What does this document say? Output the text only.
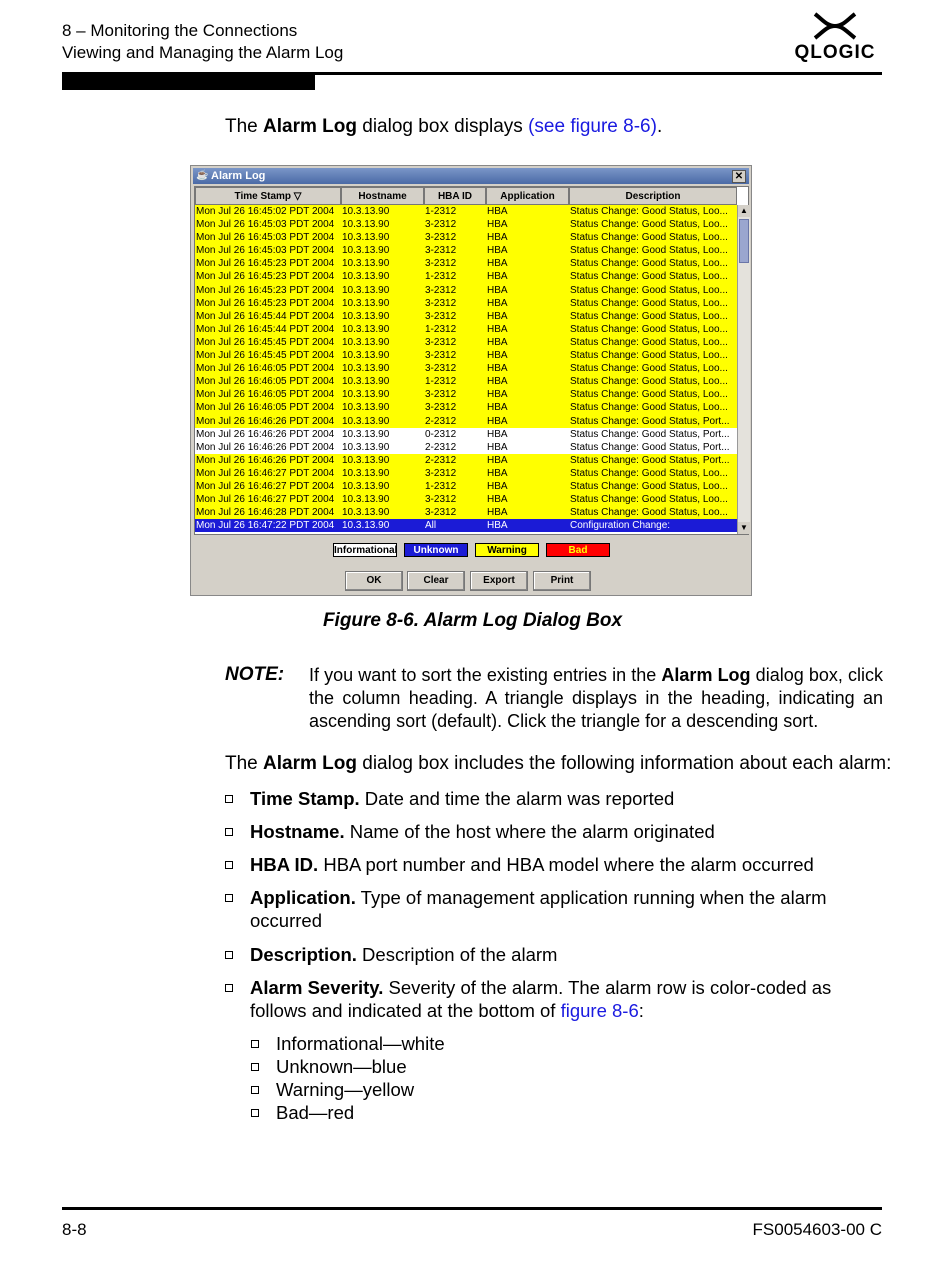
8 – Monitoring the Connections
Viewing and Managing the Alarm Log	QLOGIC
The Alarm Log dialog box displays (see figure 8-6).
☕ Alarm Log	✕
Time Stamp ▽	Hostname	HBA ID	Application	Description
Mon Jul 26 16:45:02 PDT 2004 10.3.13.90	1-2312	HBA	Status Change: Good Status, Loo...
Mon Jul 26 16:45:03 PDT 2004 10.3.13.90	3-2312	HBA	Status Change: Good Status, Loo...
Mon Jul 26 16:45:03 PDT 2004 10.3.13.90	3-2312	HBA	Status Change: Good Status, Loo...
Mon Jul 26 16:45:03 PDT 2004 10.3.13.90	3-2312	HBA	Status Change: Good Status, Loo...
Mon Jul 26 16:45:23 PDT 2004 10.3.13.90	3-2312	HBA	Status Change: Good Status, Loo...
Mon Jul 26 16:45:23 PDT 2004 10.3.13.90	1-2312	HBA	Status Change: Good Status, Loo...
Mon Jul 26 16:45:23 PDT 2004 10.3.13.90	3-2312	HBA	Status Change: Good Status, Loo...
Mon Jul 26 16:45:23 PDT 2004 10.3.13.90	3-2312	HBA	Status Change: Good Status, Loo...
Mon Jul 26 16:45:44 PDT 2004 10.3.13.90	3-2312	HBA	Status Change: Good Status, Loo...
Mon Jul 26 16:45:44 PDT 2004 10.3.13.90	1-2312	HBA	Status Change: Good Status, Loo...
Mon Jul 26 16:45:45 PDT 2004 10.3.13.90	3-2312	HBA	Status Change: Good Status, Loo...
Mon Jul 26 16:45:45 PDT 2004 10.3.13.90	3-2312	HBA	Status Change: Good Status, Loo...
Mon Jul 26 16:46:05 PDT 2004 10.3.13.90	3-2312	HBA	Status Change: Good Status, Loo...
Mon Jul 26 16:46:05 PDT 2004 10.3.13.90	1-2312	HBA	Status Change: Good Status, Loo...
Mon Jul 26 16:46:05 PDT 2004 10.3.13.90	3-2312	HBA	Status Change: Good Status, Loo...
Mon Jul 26 16:46:05 PDT 2004 10.3.13.90	3-2312	HBA	Status Change: Good Status, Loo...
Mon Jul 26 16:46:26 PDT 2004 10.3.13.90	2-2312	HBA	Status Change: Good Status, Port...
Mon Jul 26 16:46:26 PDT 2004 10.3.13.90	0-2312	HBA	Status Change: Good Status, Port...
Mon Jul 26 16:46:26 PDT 2004 10.3.13.90	2-2312	HBA	Status Change: Good Status, Port...
Mon Jul 26 16:46:26 PDT 2004 10.3.13.90	2-2312	HBA	Status Change: Good Status, Port...
Mon Jul 26 16:46:27 PDT 2004 10.3.13.90	3-2312	HBA	Status Change: Good Status, Loo...
Mon Jul 26 16:46:27 PDT 2004 10.3.13.90	1-2312	HBA	Status Change: Good Status, Loo...
Mon Jul 26 16:46:27 PDT 2004 10.3.13.90	3-2312	HBA	Status Change: Good Status, Loo...
Mon Jul 26 16:46:28 PDT 2004 10.3.13.90	3-2312	HBA	Status Change: Good Status, Loo...
Mon Jul 26 16:47:22 PDT 2004 10.3.13.90	All	HBA	Configuration Change:
▲
▼
Informational	Unknown	Warning	Bad
OK	Clear	Export	Print
Figure 8-6. Alarm Log Dialog Box
NOTE: If you want to sort the existing entries in the Alarm Log dialog box, click the column heading. A triangle displays in the heading, indicating an ascending sort (default). Click the triangle for a descending sort.
The Alarm Log dialog box includes the following information about each alarm:
Time Stamp. Date and time the alarm was reported
Hostname. Name of the host where the alarm originated
HBA ID. HBA port number and HBA model where the alarm occurred
Application. Type of management application running when the alarm occurred
Description. Description of the alarm
Alarm Severity. Severity of the alarm. The alarm row is color-coded as follows and indicated at the bottom of figure 8-6:
Informational—white
Unknown—blue
Warning—yellow
Bad—red
8-8	FS0054603-00 C
